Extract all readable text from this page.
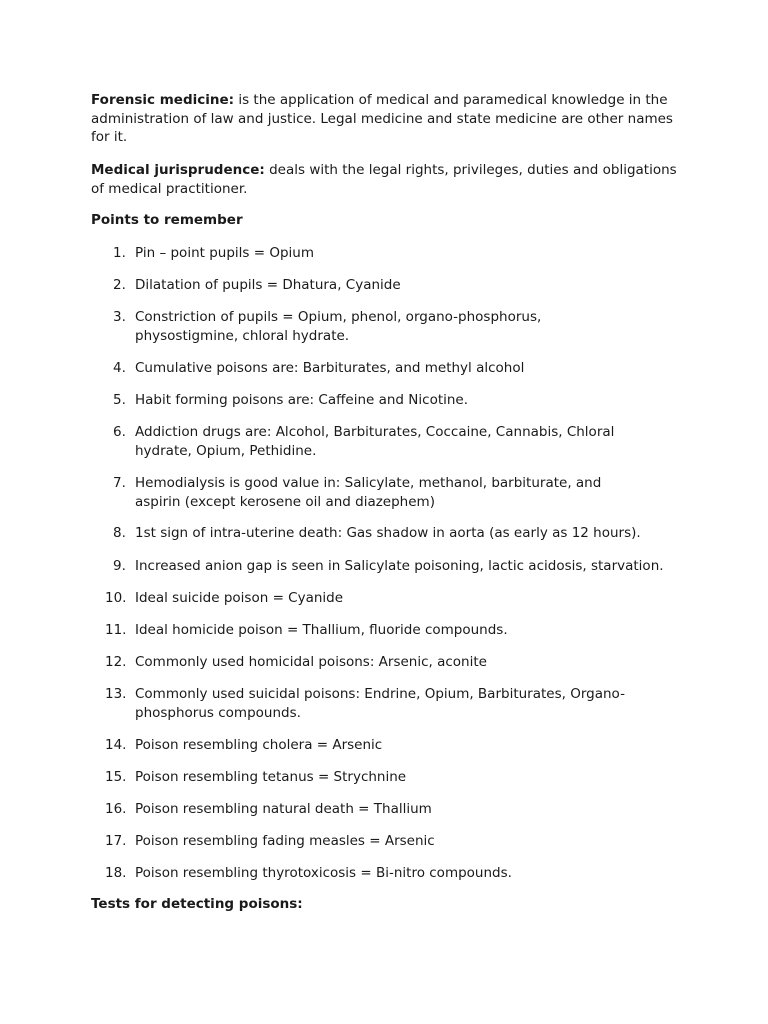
Forensic medicine: is the application of medical and paramedical knowledge in the administration of law and justice. Legal medicine and state medicine are other names for it.

Medical jurisprudence: deals with the legal rights, privileges, duties and obligations of medical practitioner.

Points to remember
1. Pin – point pupils = Opium
2. Dilatation of pupils = Dhatura, Cyanide
3. Constriction of pupils = Opium, phenol, organo-phosphorus, physostigmine, chloral hydrate.
4. Cumulative poisons are: Barbiturates, and methyl alcohol
5. Habit forming poisons are: Caffeine and Nicotine.
6. Addiction drugs are: Alcohol, Barbiturates, Coccaine, Cannabis, Chloral hydrate, Opium, Pethidine.
7. Hemodialysis is good value in: Salicylate, methanol, barbiturate, and aspirin (except kerosene oil and diazephem)
8. 1st sign of intra-uterine death: Gas shadow in aorta (as early as 12 hours).
9. Increased anion gap is seen in Salicylate poisoning, lactic acidosis, starvation.
10. Ideal suicide poison = Cyanide
11. Ideal homicide poison = Thallium, fluoride compounds.
12. Commonly used homicidal poisons: Arsenic, aconite
13. Commonly used suicidal poisons: Endrine, Opium, Barbiturates, Organo-phosphorus compounds.
14. Poison resembling cholera = Arsenic
15. Poison resembling tetanus = Strychnine
16. Poison resembling natural death = Thallium
17. Poison resembling fading measles = Arsenic
18. Poison resembling thyrotoxicosis = Bi-nitro compounds.
Tests for detecting poisons:
